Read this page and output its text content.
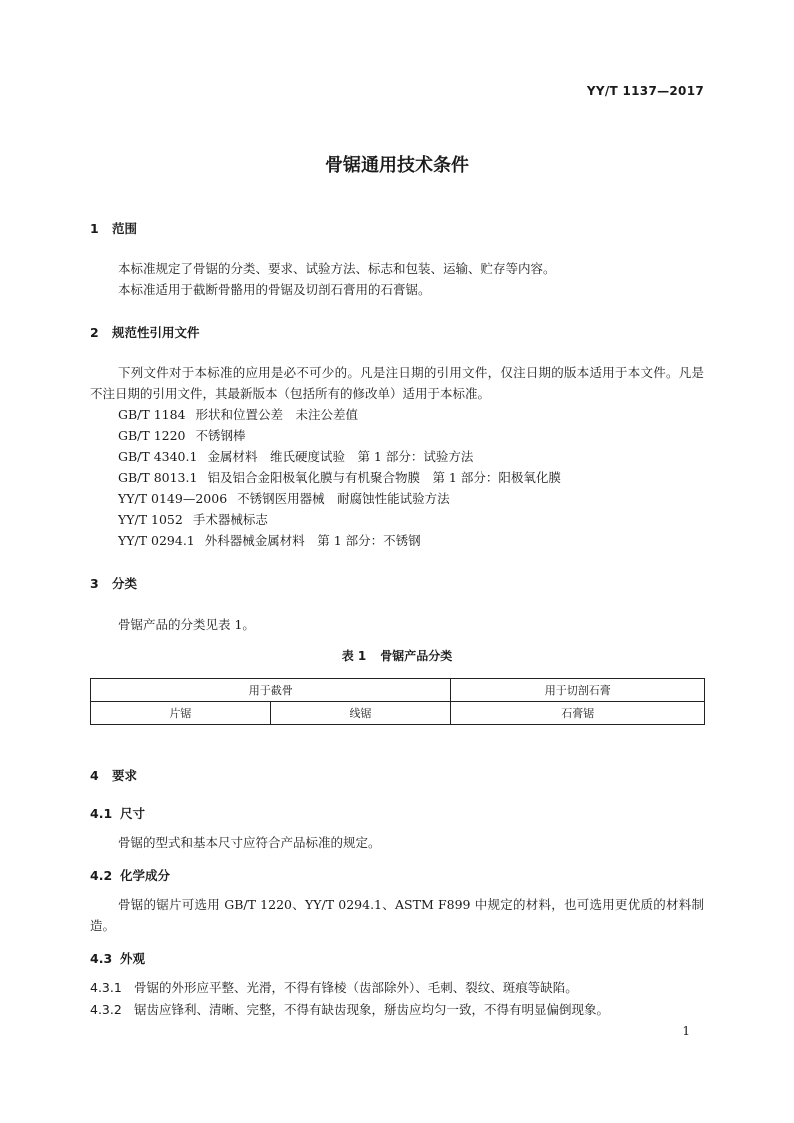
YY/T 1137—2017
骨锯通用技术条件
1 范围
本标准规定了骨锯的分类、要求、试验方法、标志和包装、运输、贮存等内容。
本标准适用于截断骨骼用的骨锯及切剖石膏用的石膏锯。
2 规范性引用文件
下列文件对于本标准的应用是必不可少的。凡是注日期的引用文件，仅注日期的版本适用于本文件。凡是不注日期的引用文件，其最新版本（包括所有的修改单）适用于本标准。
GB/T 1184 形状和位置公差　未注公差值
GB/T 1220 不锈钢棒
GB/T 4340.1 金属材料　维氏硬度试验　第 1 部分：试验方法
GB/T 8013.1 铝及铝合金阳极氧化膜与有机聚合物膜　第 1 部分：阳极氧化膜
YY/T 0149—2006 不锈钢医用器械　耐腐蚀性能试验方法
YY/T 1052 手术器械标志
YY/T 0294.1 外科器械金属材料　第 1 部分：不锈钢
3 分类
骨锯产品的分类见表 1。
表 1 骨锯产品分类
用于截骨		用于切剖石膏
片锯	线锯	石膏锯
4 要求
4.1 尺寸
骨锯的型式和基本尺寸应符合产品标准的规定。
4.2 化学成分
骨锯的锯片可选用 GB/T 1220、YY/T 0294.1、ASTM F899 中规定的材料，也可选用更优质的材料制造。
4.3 外观
4.3.1 骨锯的外形应平整、光滑，不得有锋棱（齿部除外）、毛刺、裂纹、斑痕等缺陷。
4.3.2 锯齿应锋利、清晰、完整，不得有缺齿现象，掰齿应均匀一致，不得有明显偏倒现象。
1
